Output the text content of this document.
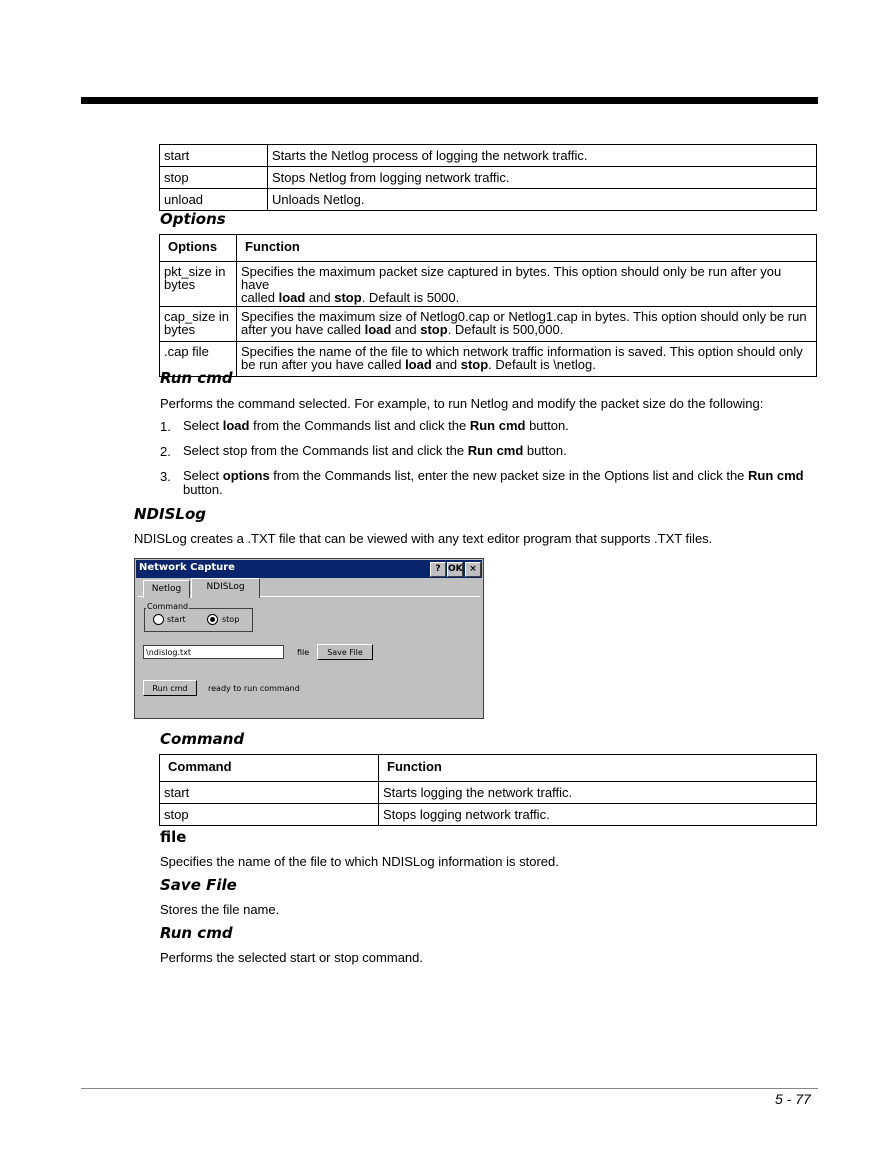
start	Starts the Netlog process of logging the network traffic.
stop	Stops Netlog from logging network traffic.
unload	Unloads Netlog.
Options
Options	Function
pkt_size in
bytes	Specifies the maximum packet size captured in bytes. This option should only be run after you have
called load and stop. Default is 5000.
cap_size in
bytes	Specifies the maximum size of Netlog0.cap or Netlog1.cap in bytes. This option should only be run
after you have called load and stop. Default is 500,000.
.cap file	Specifies the name of the file to which network traffic information is saved. This option should only
be run after you have called load and stop. Default is \netlog.
Run cmd
Performs the command selected. For example, to run Netlog and modify the packet size do the following:
1. Select load from the Commands list and click the Run cmd button.
2. Select stop from the Commands list and click the Run cmd button.
3. Select options from the Commands list, enter the new packet size in the Options list and click the Run cmd
button.
NDISLog
NDISLog creates a .TXT file that can be viewed with any text editor program that supports .TXT files.
Network Capture	? OK ×
Netlog	NDISLog
Command
start	stop
\ndislog.txt	file	Save File
Run cmd	ready to run command
Command
Command	Function
start	Starts logging the network traffic.
stop	Stops logging network traffic.
file
Specifies the name of the file to which NDISLog information is stored.
Save File
Stores the file name.
Run cmd
Performs the selected start or stop command.
5 - 77
